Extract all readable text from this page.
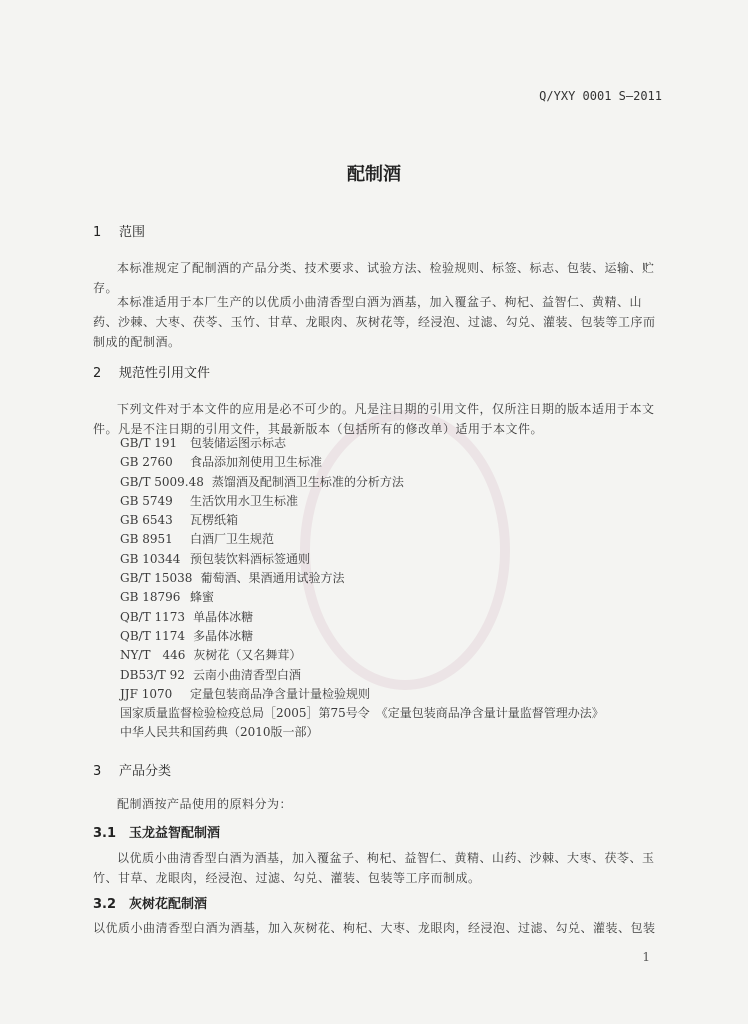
Q/YXY 0001 S—2011
配制酒
1 范围
本标准规定了配制酒的产品分类、技术要求、试验方法、检验规则、标签、标志、包装、运输、贮存。
本标准适用于本厂生产的以优质小曲清香型白酒为酒基，加入覆盆子、枸杞、益智仁、黄精、山药、沙棘、大枣、茯苓、玉竹、甘草、龙眼肉、灰树花等，经浸泡、过滤、勾兑、灌装、包装等工序而制成的配制酒。
2 规范性引用文件
下列文件对于本文件的应用是必不可少的。凡是注日期的引用文件，仅所注日期的版本适用于本文件。凡是不注日期的引用文件，其最新版本（包括所有的修改单）适用于本文件。
GB/T 191 包装储运图示标志
GB 2760 食品添加剂使用卫生标准
GB/T 5009.48 蒸馏酒及配制酒卫生标准的分析方法
GB 5749 生活饮用水卫生标准
GB 6543 瓦楞纸箱
GB 8951 白酒厂卫生规范
GB 10344 预包装饮料酒标签通则
GB/T 15038 葡萄酒、果酒通用试验方法
GB 18796 蜂蜜
QB/T 1173 单晶体冰糖
QB/T 1174 多晶体冰糖
NY/T　446 灰树花（又名舞茸）
DB53/T 92 云南小曲清香型白酒
JJF 1070 定量包装商品净含量计量检验规则
国家质量监督检验检疫总局［2005］第75号令　《定量包装商品净含量计量监督管理办法》
中华人民共和国药典（2010版一部）
3 产品分类
配制酒按产品使用的原料分为：
3.1 玉龙益智配制酒
以优质小曲清香型白酒为酒基，加入覆盆子、枸杞、益智仁、黄精、山药、沙棘、大枣、茯苓、玉竹、甘草、龙眼肉，经浸泡、过滤、勾兑、灌装、包装等工序而制成。
3.2 灰树花配制酒
以优质小曲清香型白酒为酒基，加入灰树花、枸杞、大枣、龙眼肉，经浸泡、过滤、勾兑、灌装、包装
1
